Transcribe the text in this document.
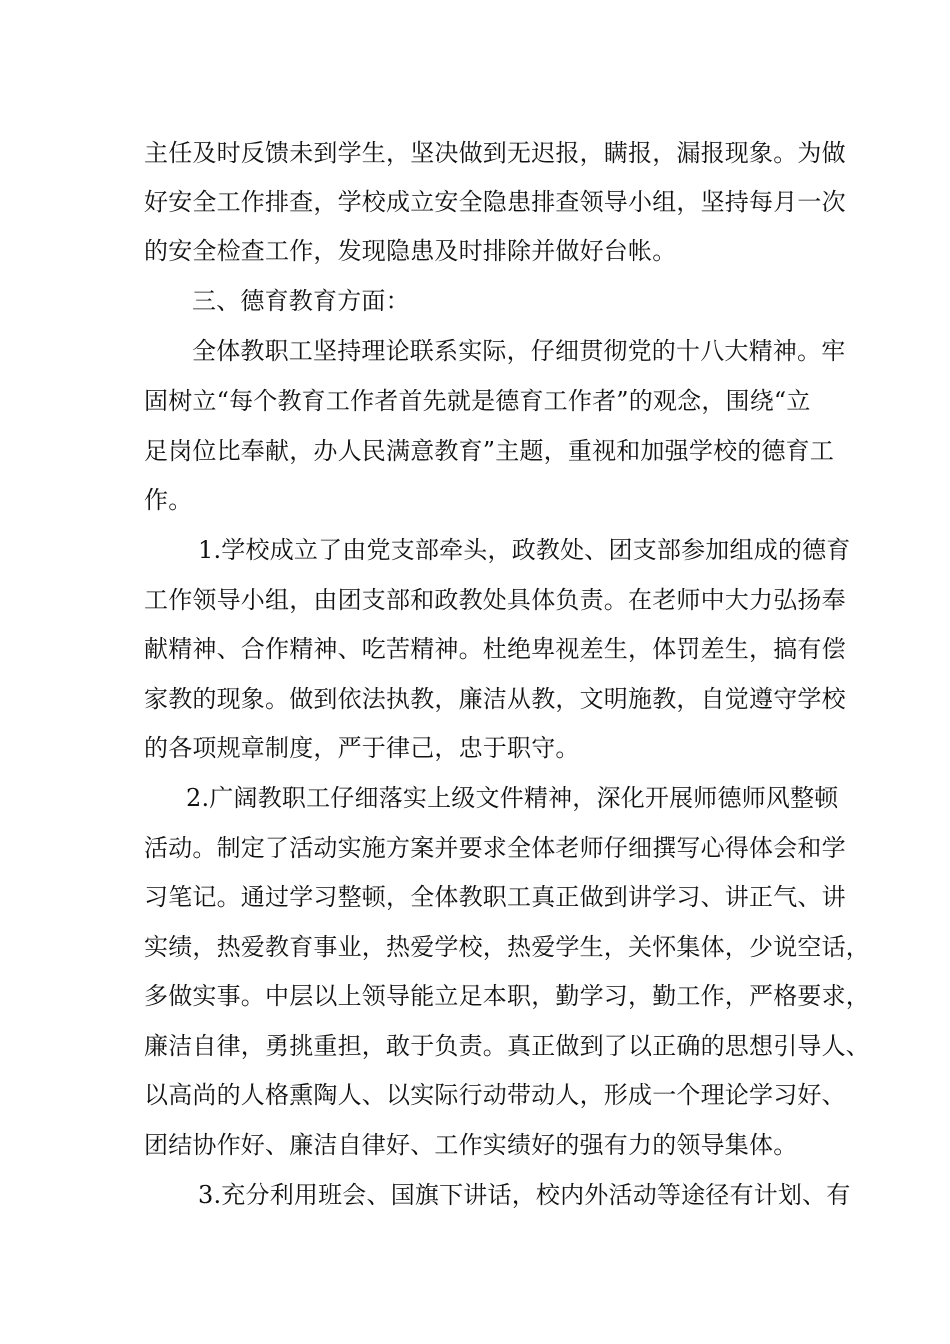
主任及时反馈未到学生，坚决做到无迟报，瞒报，漏报现象。为做
好安全工作排查，学校成立安全隐患排查领导小组，坚持每月一次
的安全检查工作，发现隐患及时排除并做好台帐。
三、德育教育方面：
全体教职工坚持理论联系实际，仔细贯彻党的十八大精神。牢
固树立“每个教育工作者首先就是德育工作者”的观念，围绕“立
足岗位比奉献，办人民满意教育”主题，重视和加强学校的德育工
作。
1.学校成立了由党支部牵头，政教处、团支部参加组成的德育
工作领导小组，由团支部和政教处具体负责。在老师中大力弘扬奉
献精神、合作精神、吃苦精神。杜绝卑视差生，体罚差生，搞有偿
家教的现象。做到依法执教，廉洁从教，文明施教，自觉遵守学校
的各项规章制度，严于律己，忠于职守。
2.广阔教职工仔细落实上级文件精神，深化开展师德师风整顿
活动。制定了活动实施方案并要求全体老师仔细撰写心得体会和学
习笔记。通过学习整顿，全体教职工真正做到讲学习、讲正气、讲
实绩，热爱教育事业，热爱学校，热爱学生，关怀集体，少说空话，
多做实事。中层以上领导能立足本职，勤学习，勤工作，严格要求，
廉洁自律，勇挑重担，敢于负责。真正做到了以正确的思想引导人、
以高尚的人格熏陶人、以实际行动带动人，形成一个理论学习好、
团结协作好、廉洁自律好、工作实绩好的强有力的领导集体。
3.充分利用班会、国旗下讲话，校内外活动等途径有计划、有
